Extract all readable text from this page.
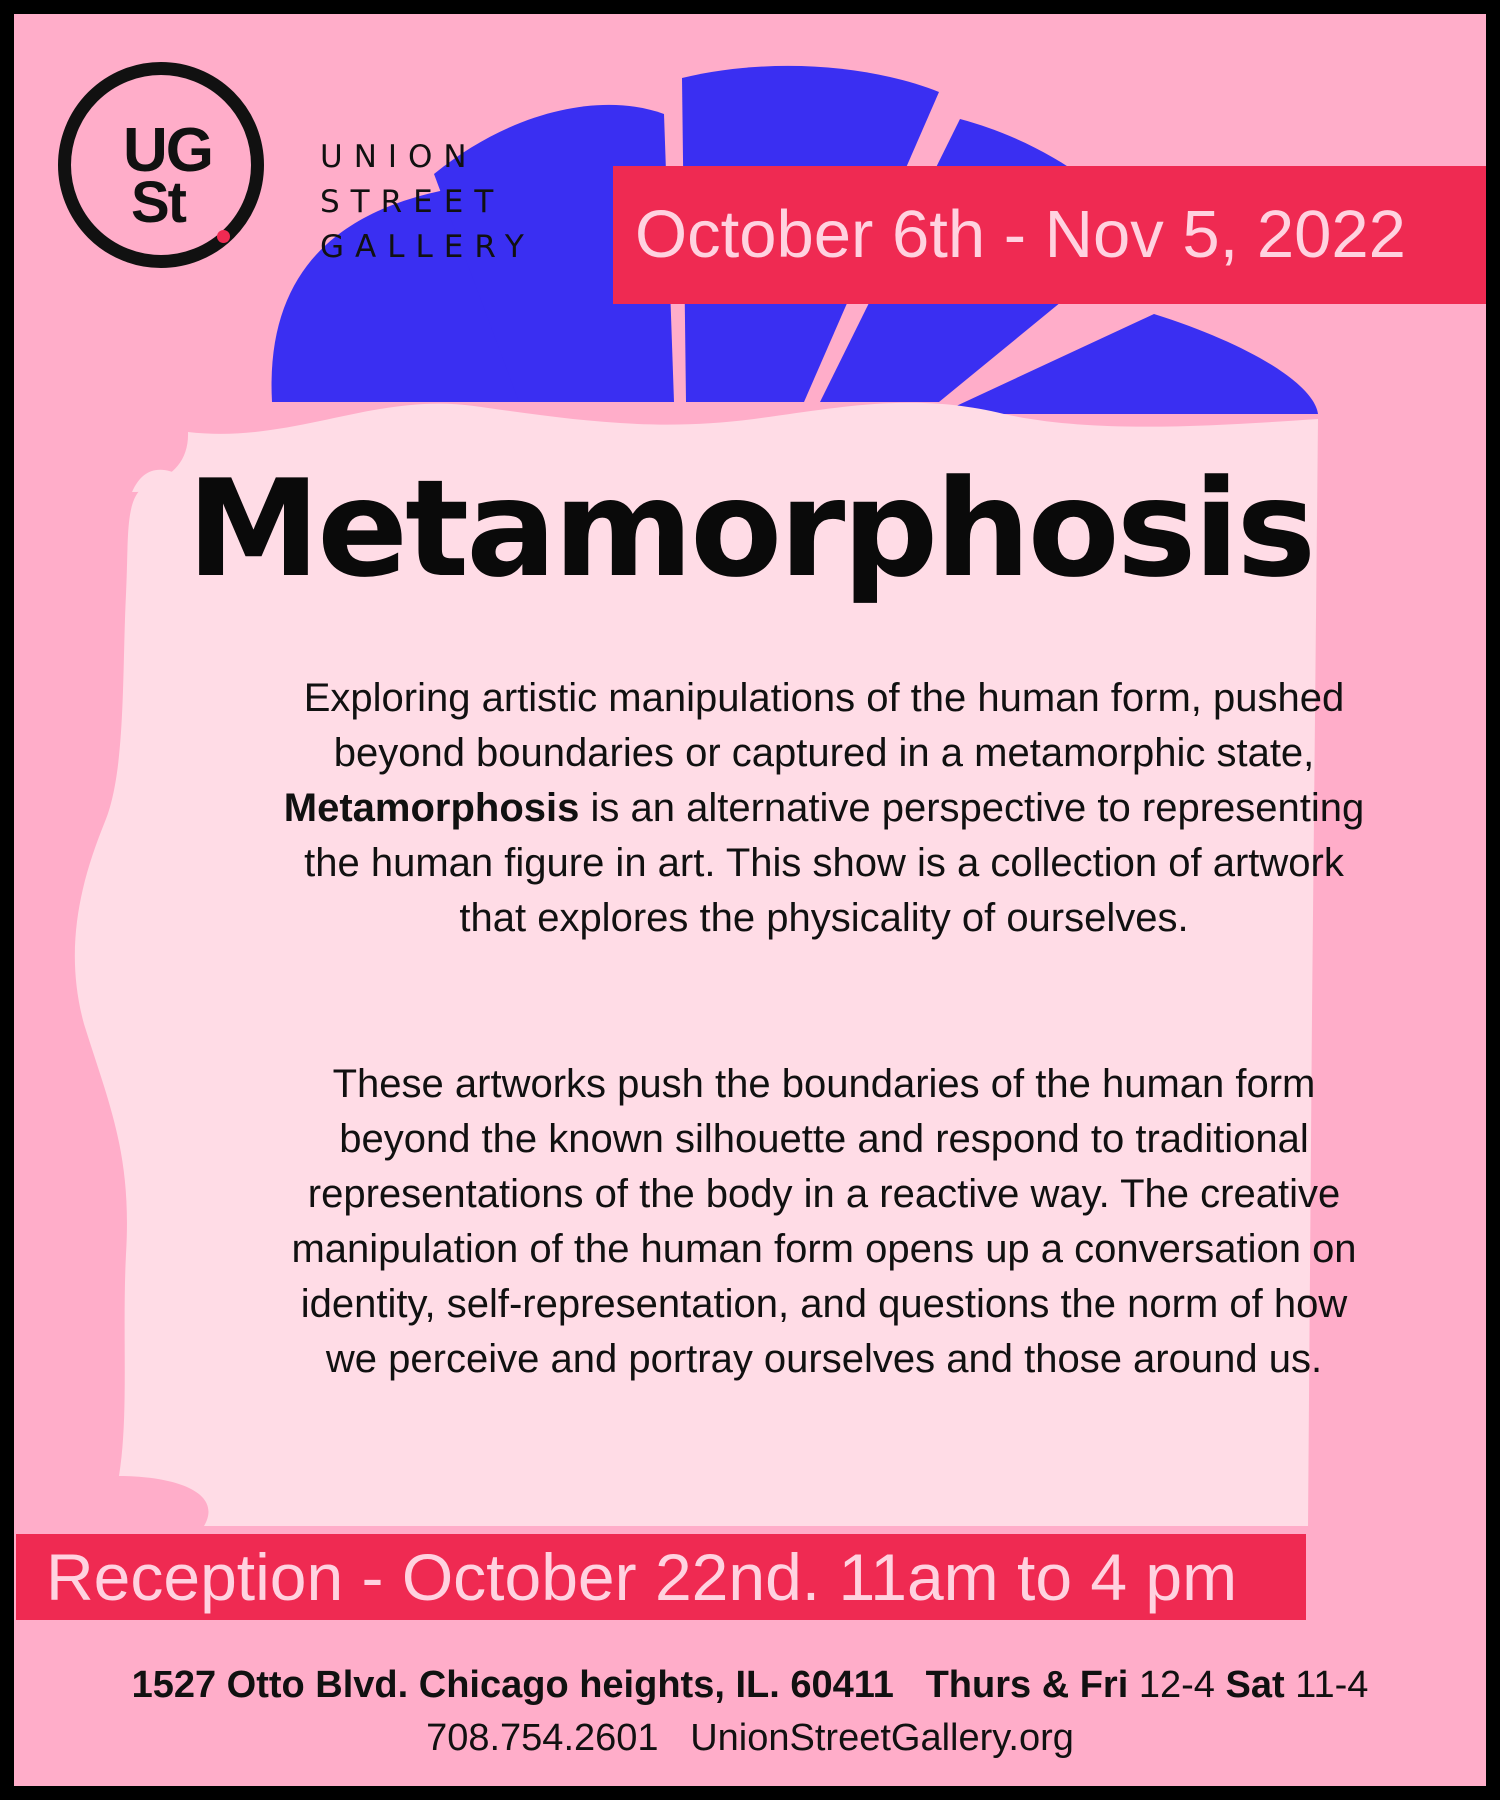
UG
St
UNION
STREET
GALLERY	October 6th - Nov 5, 2022
Metamorphosis
Exploring artistic manipulations of the human form, pushed beyond boundaries or captured in a metamorphic state, Metamorphosis is an alternative perspective to representing the human figure in art. This show is a collection of artwork that explores the physicality of ourselves.
These artworks push the boundaries of the human form beyond the known silhouette and respond to traditional representations of the body in a reactive way. The creative manipulation of the human form opens up a conversation on identity, self-representation, and questions the norm of how we perceive and portray ourselves and those around us.
Reception - October 22nd. 11am to 4 pm
1527 Otto Blvd. Chicago heights, IL. 60411 Thurs & Fri 12-4 Sat 11-4
708.754.2601 UnionStreetGallery.org
